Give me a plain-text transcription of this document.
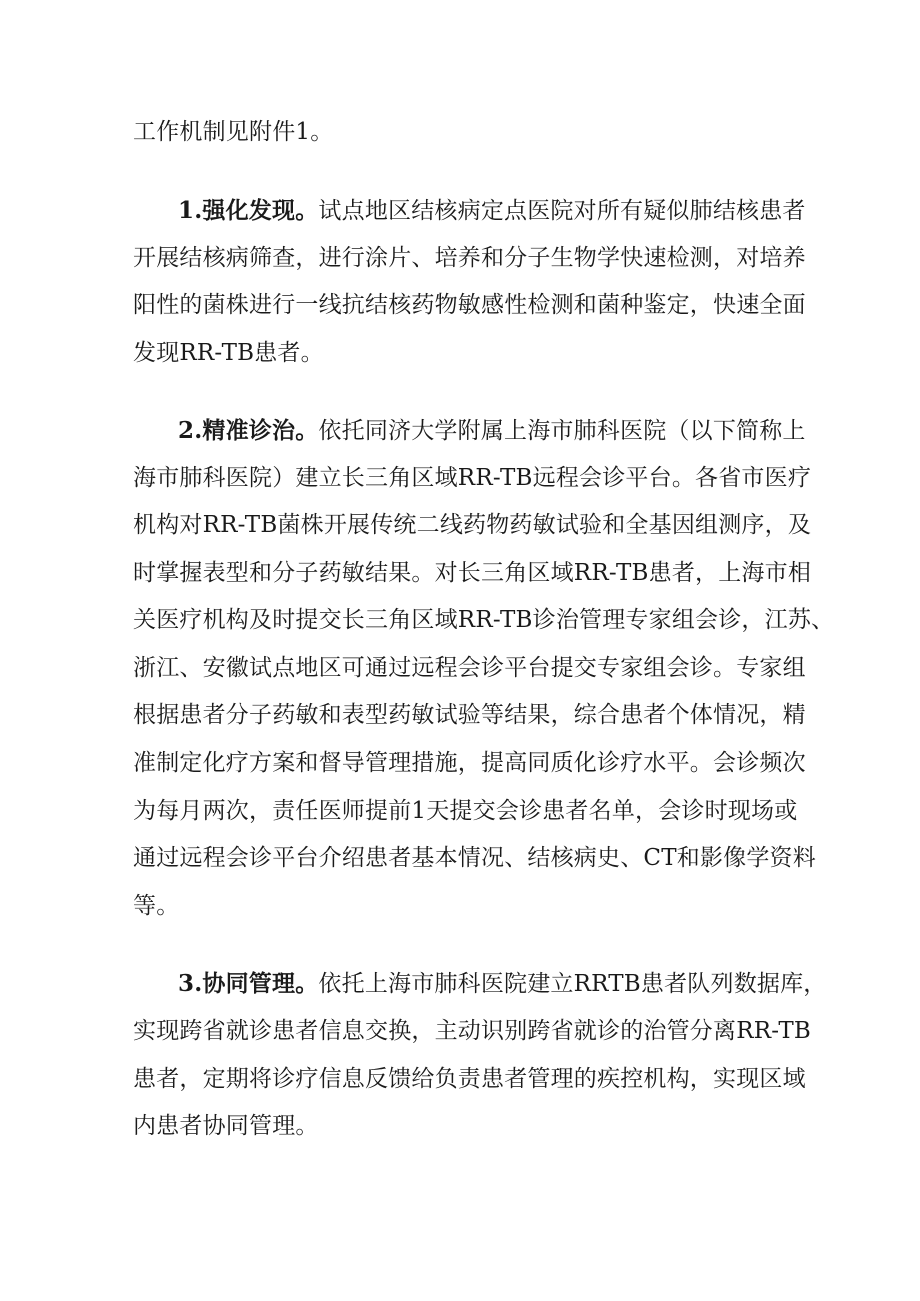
工作机制见附件1。
1.强化发现。试点地区结核病定点医院对所有疑似肺结核患者
开展结核病筛查，进行涂片、培养和分子生物学快速检测，对培养
阳性的菌株进行一线抗结核药物敏感性检测和菌种鉴定，快速全面
发现RR-TB患者。
2.精准诊治。依托同济大学附属上海市肺科医院（以下简称上
海市肺科医院）建立长三角区域RR-TB远程会诊平台。各省市医疗
机构对RR-TB菌株开展传统二线药物药敏试验和全基因组测序，及
时掌握表型和分子药敏结果。对长三角区域RR-TB患者，上海市相
关医疗机构及时提交长三角区域RR-TB诊治管理专家组会诊，江苏、
浙江、安徽试点地区可通过远程会诊平台提交专家组会诊。专家组
根据患者分子药敏和表型药敏试验等结果，综合患者个体情况，精
准制定化疗方案和督导管理措施，提高同质化诊疗水平。会诊频次
为每月两次，责任医师提前1天提交会诊患者名单，会诊时现场或
通过远程会诊平台介绍患者基本情况、结核病史、CT和影像学资料
等。
3.协同管理。依托上海市肺科医院建立RRTB患者队列数据库，
实现跨省就诊患者信息交换，主动识别跨省就诊的治管分离RR-TB
患者，定期将诊疗信息反馈给负责患者管理的疾控机构，实现区域
内患者协同管理。
